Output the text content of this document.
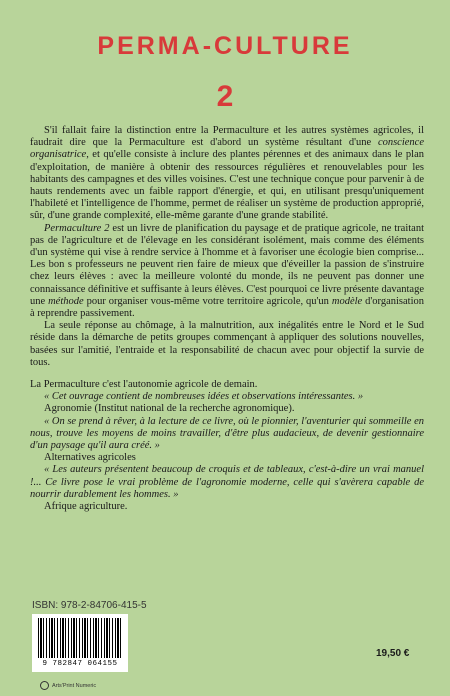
PERMA-CULTURE
2

S'il fallait faire la distinction entre la Permaculture et les autres systèmes agricoles, il faudrait dire que la Permaculture est d'abord un système résultant d'une conscience organisatrice, et qu'elle consiste à inclure des plantes pérennes et des animaux dans le plan d'exploitation, de manière à obtenir des ressources régulières et renouvelables pour les habitants des campagnes et des villes voisines. C'est une technique conçue pour parvenir à de hauts rendements avec un faible rapport d'énergie, et qui, en utilisant presqu'uniquement l'habileté et l'intelligence de l'homme, permet de réaliser un système de production approprié, sûr, d'une grande complexité, elle-même garante d'une grande stabilité.

Permaculture 2 est un livre de planification du paysage et de pratique agricole, ne traitant pas de l'agriculture et de l'élevage en les considérant isolément, mais comme des éléments d'un système qui vise à rendre service à l'homme et à favoriser une écologie bien comprise... Les bon s professeurs ne peuvent rien faire de mieux que d'éveiller la passion de s'instruire chez leurs élèves : avec la meilleure volonté du monde, ils ne peuvent pas donner une connaissance définitive et suffisante à leurs élèves. C'est pourquoi ce livre présente davantage une méthode pour organiser vous-même votre territoire agricole, qu'un modèle d'organisation à reprendre passivement.

La seule réponse au chômage, à la malnutrition, aux inégalités entre le Nord et le Sud réside dans la démarche de petits groupes commençant à appliquer des solutions nouvelles, basées sur l'amitié, l'entraide et la responsabilité de chacun avec pour objectif la survie de tous.

La Permaculture c'est l'autonomie agricole de demain.

« Cet ouvrage contient de nombreuses idées et observations intéressantes. »

Agronomie (Institut national de la recherche agronomique).

« On se prend à rêver, à la lecture de ce livre, où le pionnier, l'aventurier qui sommeille en nous, trouve les moyens de moins travailler, d'être plus audacieux, de devenir gestionnaire d'un paysage qu'il aura créé. »

Alternatives agricoles

« Les auteurs présentent beaucoup de croquis et de tableaux, c'est-à-dire un vrai manuel !... Ce livre pose le vrai problème de l'agronomie moderne, celle qui s'avèrera capable de nourrir durablement les hommes. »

Afrique agriculture.

ISBN: 978-2-84706-415-5
9 782847 064155
19,50 €
Arts'Print Numeric
